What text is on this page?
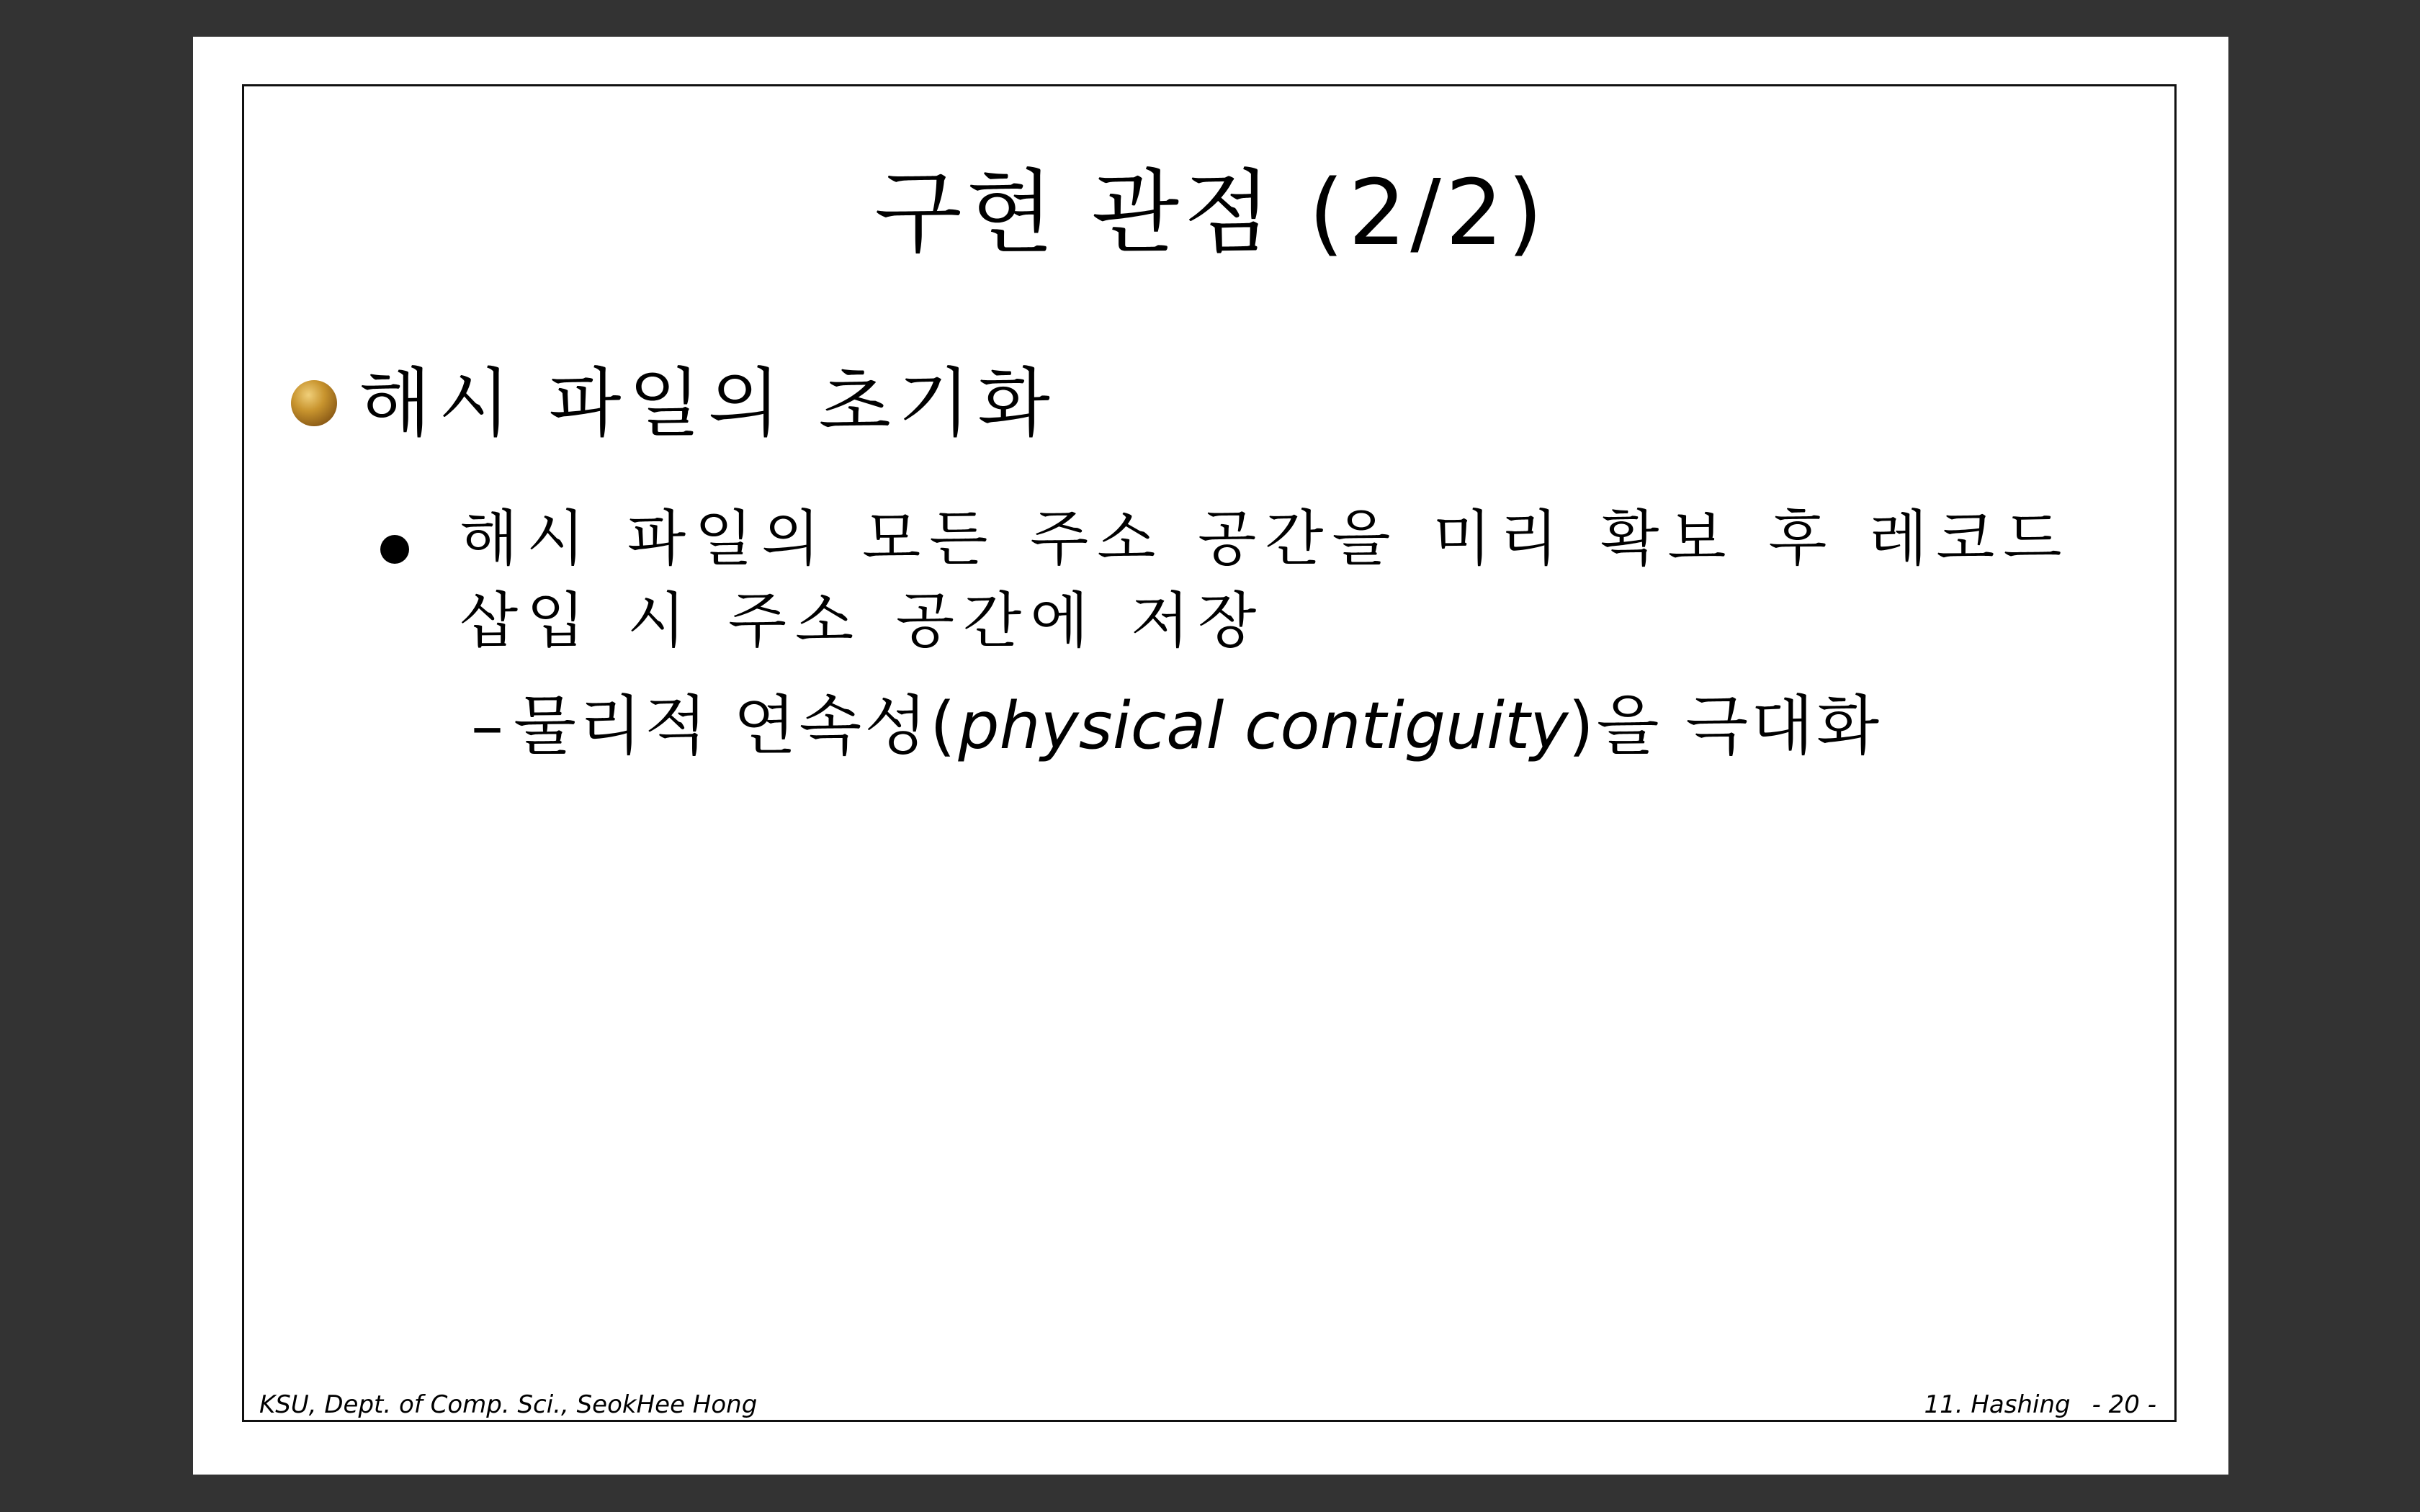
구현 관점 (2/2)
해시 파일의 초기화
해시 파일의 모든 주소 공간을 미리 확보 후 레코드 삽입 시 주소 공간에 저장
– 물리적 연속성(physical contiguity)을 극대화
KSU, Dept. of Comp. Sci., SeokHee Hong	11. Hashing - 20 -
